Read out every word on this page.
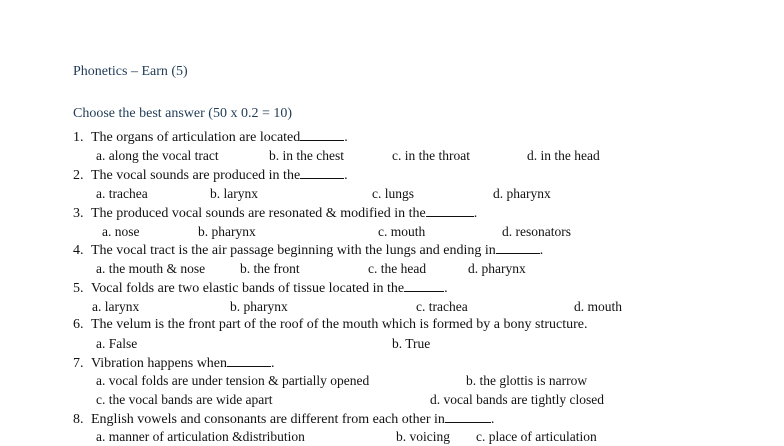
Phonetics – Earn (5)
Choose the best answer (50 x 0.2 = 10)
1. The organs of articulation are located	.
a. along the vocal tract	b. in the chest	c. in the throat	d. in the head
2. The vocal sounds are produced in the	.
a. trachea	b. larynx	c. lungs	d. pharynx
3. The produced vocal sounds are resonated & modified in the	.
a. nose	b. pharynx	c. mouth	d. resonators
4. The vocal tract is the air passage beginning with the lungs and ending in	.
a. the mouth & nose	b. the front	c. the head	d. pharynx
5. Vocal folds are two elastic bands of tissue located in the	.
a. larynx	b. pharynx	c. trachea	d. mouth
6. The velum is the front part of the roof of the mouth which is formed by a bony structure.
a. False	b. True
7. Vibration happens when	.
a. vocal folds are under tension & partially opened	b. the glottis is narrow
c. the vocal bands are wide apart	d. vocal bands are tightly closed
8. English vowels and consonants are different from each other in	.
a. manner of articulation &distribution	b. voicing c. place of articulation
